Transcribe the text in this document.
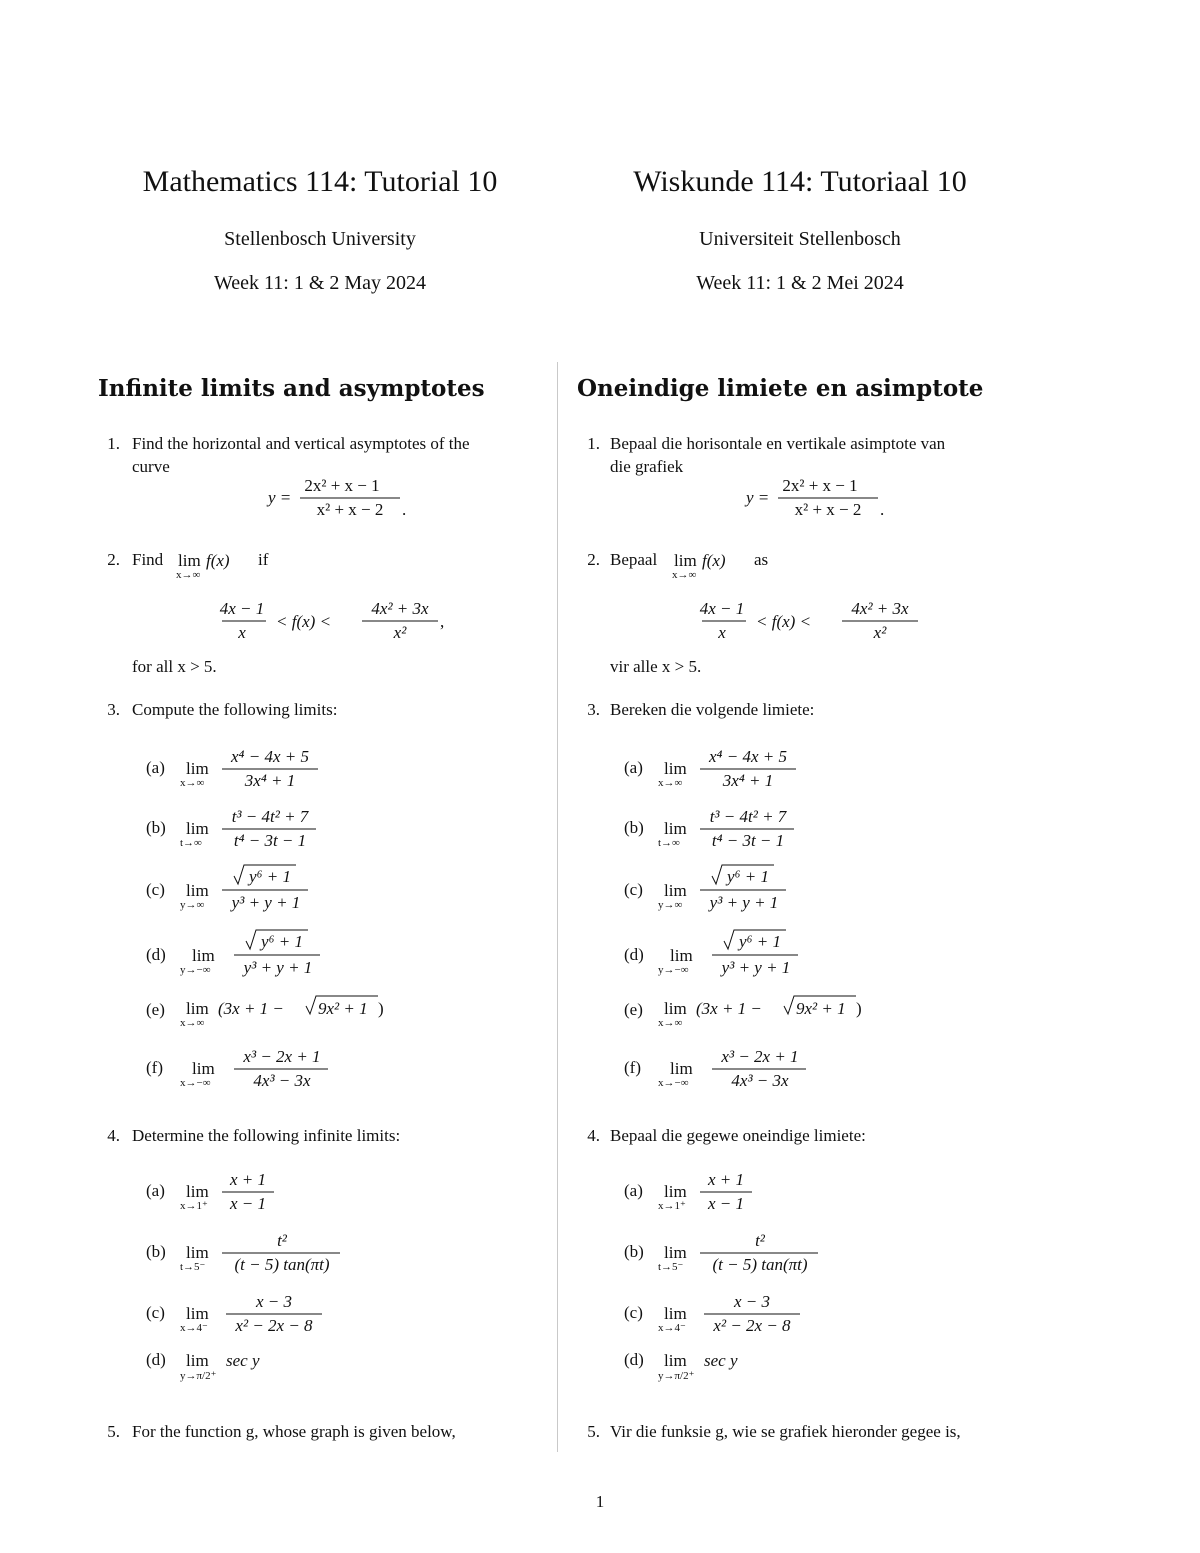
Mathematics 114: Tutorial 10
Stellenbosch University
Week 11: 1 & 2 May 2024
Infinite limits and asymptotes
1. Find the horizontal and vertical asymptotes of the
curve
y =
2x² + x − 1
x² + x − 2 .
2. Find lim
x→∞
f(x) if
4x − 1
x
< f(x) <
4x² + 3x
x²
,
for all x > 5.
3. Compute the following limits:
(a) lim
x→∞
x⁴ − 4x + 5
3x⁴ + 1
(b) lim
t→∞
t³ − 4t² + 7
t⁴ − 3t − 1
(c) lim
y→∞
y⁶ + 1
y³ + y + 1
(d) lim
y→−∞
y⁶ + 1
y³ + y + 1
(e) lim
x→∞
(3x + 1 − 9x² + 1 )
(f) lim
x→−∞
x³ − 2x + 1
4x³ − 3x
4. Determine the following infinite limits:
(a) lim
x→1⁺
x + 1
x − 1
(b) lim
t→5⁻
t²
(t − 5) tan(πt)
(c) lim
x→4⁻
x − 3
x² − 2x − 8
(d) lim
y→π/2⁺
sec y
5. For the function g, whose graph is given below,
Wiskunde 114: Tutoriaal 10
Universiteit Stellenbosch
Week 11: 1 & 2 Mei 2024
Oneindige limiete en asimptote
1. Bepaal die horisontale en vertikale asimptote van
die grafiek
y =
2x² + x − 1
x² + x − 2 .
2. Bepaal lim
x→∞
f(x) as
4x − 1
x
< f(x) <
4x² + 3x
x²
vir alle x > 5.
3. Bereken die volgende limiete:
(a) lim
x→∞
x⁴ − 4x + 5
3x⁴ + 1
(b) lim
t→∞
t³ − 4t² + 7
t⁴ − 3t − 1
(c) lim
y→∞
y⁶ + 1
y³ + y + 1
(d) lim
y→−∞
y⁶ + 1
y³ + y + 1
(e) lim
x→∞
(3x + 1 − 9x² + 1 )
(f) lim
x→−∞
x³ − 2x + 1
4x³ − 3x
4. Bepaal die gegewe oneindige limiete:
(a) lim
x→1⁺
x + 1
x − 1
(b) lim
t→5⁻
t²
(t − 5) tan(πt)
(c) lim
x→4⁻
x − 3
x² − 2x − 8
(d) lim
y→π/2⁺
sec y
5. Vir die funksie g, wie se grafiek hieronder gegee is,
1
